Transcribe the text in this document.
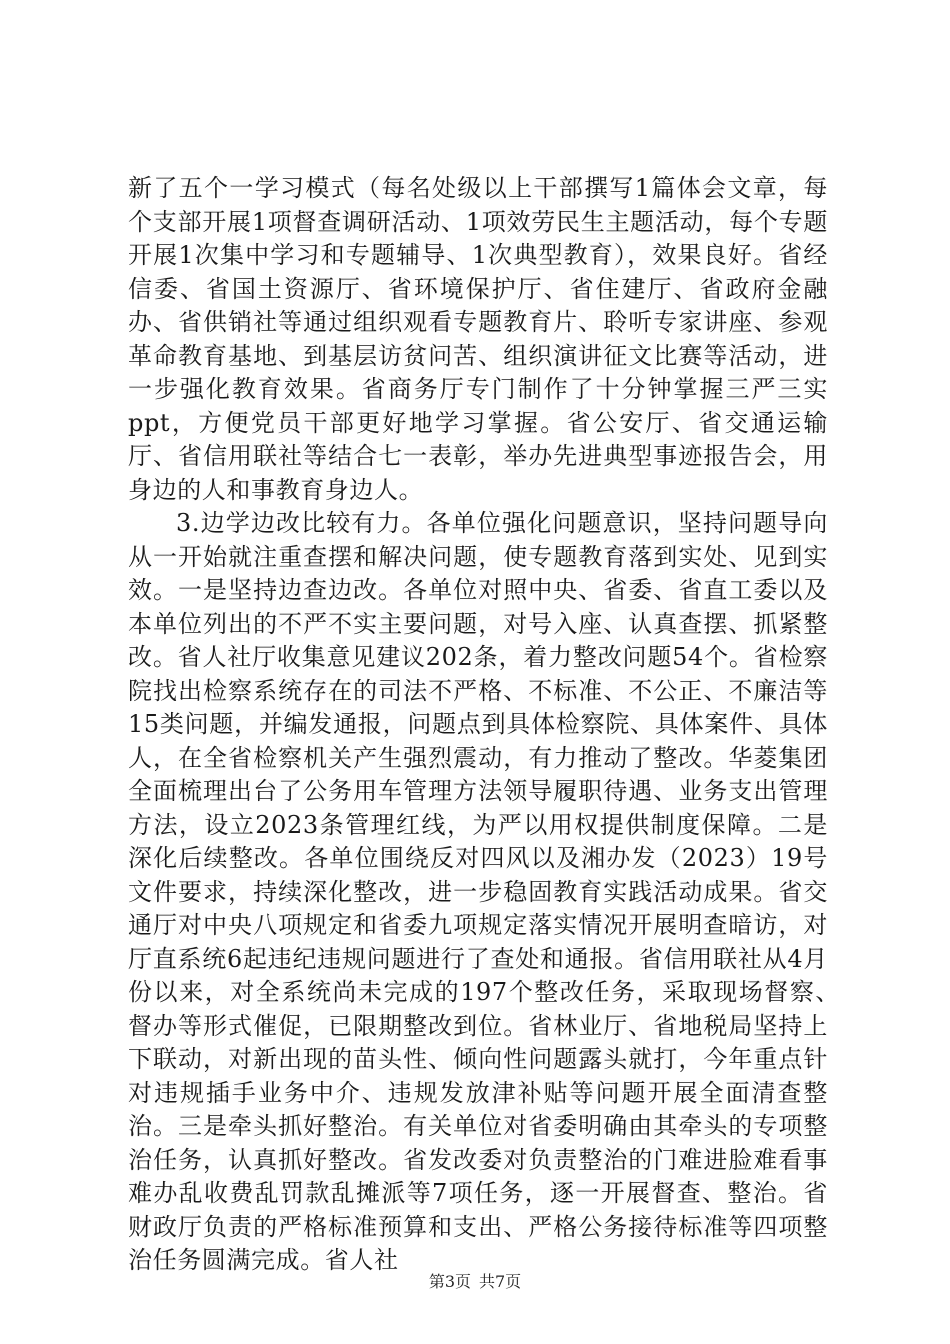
新了五个一学习模式（每名处级以上干部撰写1篇体会文章，每个支部开展1项督查调研活动、1项效劳民生主题活动，每个专题开展1次集中学习和专题辅导、1次典型教育），效果良好。省经信委、省国土资源厅、省环境保护厅、省住建厅、省政府金融办、省供销社等通过组织观看专题教育片、聆听专家讲座、参观革命教育基地、到基层访贫问苦、组织演讲征文比赛等活动，进一步强化教育效果。省商务厅专门制作了十分钟掌握三严三实ppt，方便党员干部更好地学习掌握。省公安厅、省交通运输厅、省信用联社等结合七一表彰，举办先进典型事迹报告会，用身边的人和事教育身边人。

3.边学边改比较有力。各单位强化问题意识，坚持问题导向从一开始就注重查摆和解决问题，使专题教育落到实处、见到实效。一是坚持边查边改。各单位对照中央、省委、省直工委以及本单位列出的不严不实主要问题，对号入座、认真查摆、抓紧整改。省人社厅收集意见建议202条，着力整改问题54个。省检察院找出检察系统存在的司法不严格、不标准、不公正、不廉洁等15类问题，并编发通报，问题点到具体检察院、具体案件、具体人，在全省检察机关产生强烈震动，有力推动了整改。华菱集团全面梳理出台了公务用车管理方法领导履职待遇、业务支出管理方法，设立2023条管理红线，为严以用权提供制度保障。二是深化后续整改。各单位围绕反对四风以及湘办发（2023）19号文件要求，持续深化整改，进一步稳固教育实践活动成果。省交通厅对中央八项规定和省委九项规定落实情况开展明查暗访，对厅直系统6起违纪违规问题进行了查处和通报。省信用联社从4月份以来，对全系统尚未完成的197个整改任务，采取现场督察、　督办等形式催促，已限期整改到位。省林业厅、省地税局坚持上下联动，对新出现的苗头性、倾向性问题露头就打，今年重点针对违规插手业务中介、违规发放津补贴等问题开展全面清查整治。三是牵头抓好整治。有关单位对省委明确由其牵头的专项整治任务，认真抓好整改。省发改委对负责整治的门难进脸难看事难办乱收费乱罚款乱摊派等7项任务，逐一开展督查、整治。省财政厅负责的严格标准预算和支出、严格公务接待标准等四项整治任务圆满完成。省人社

第3页 共7页
